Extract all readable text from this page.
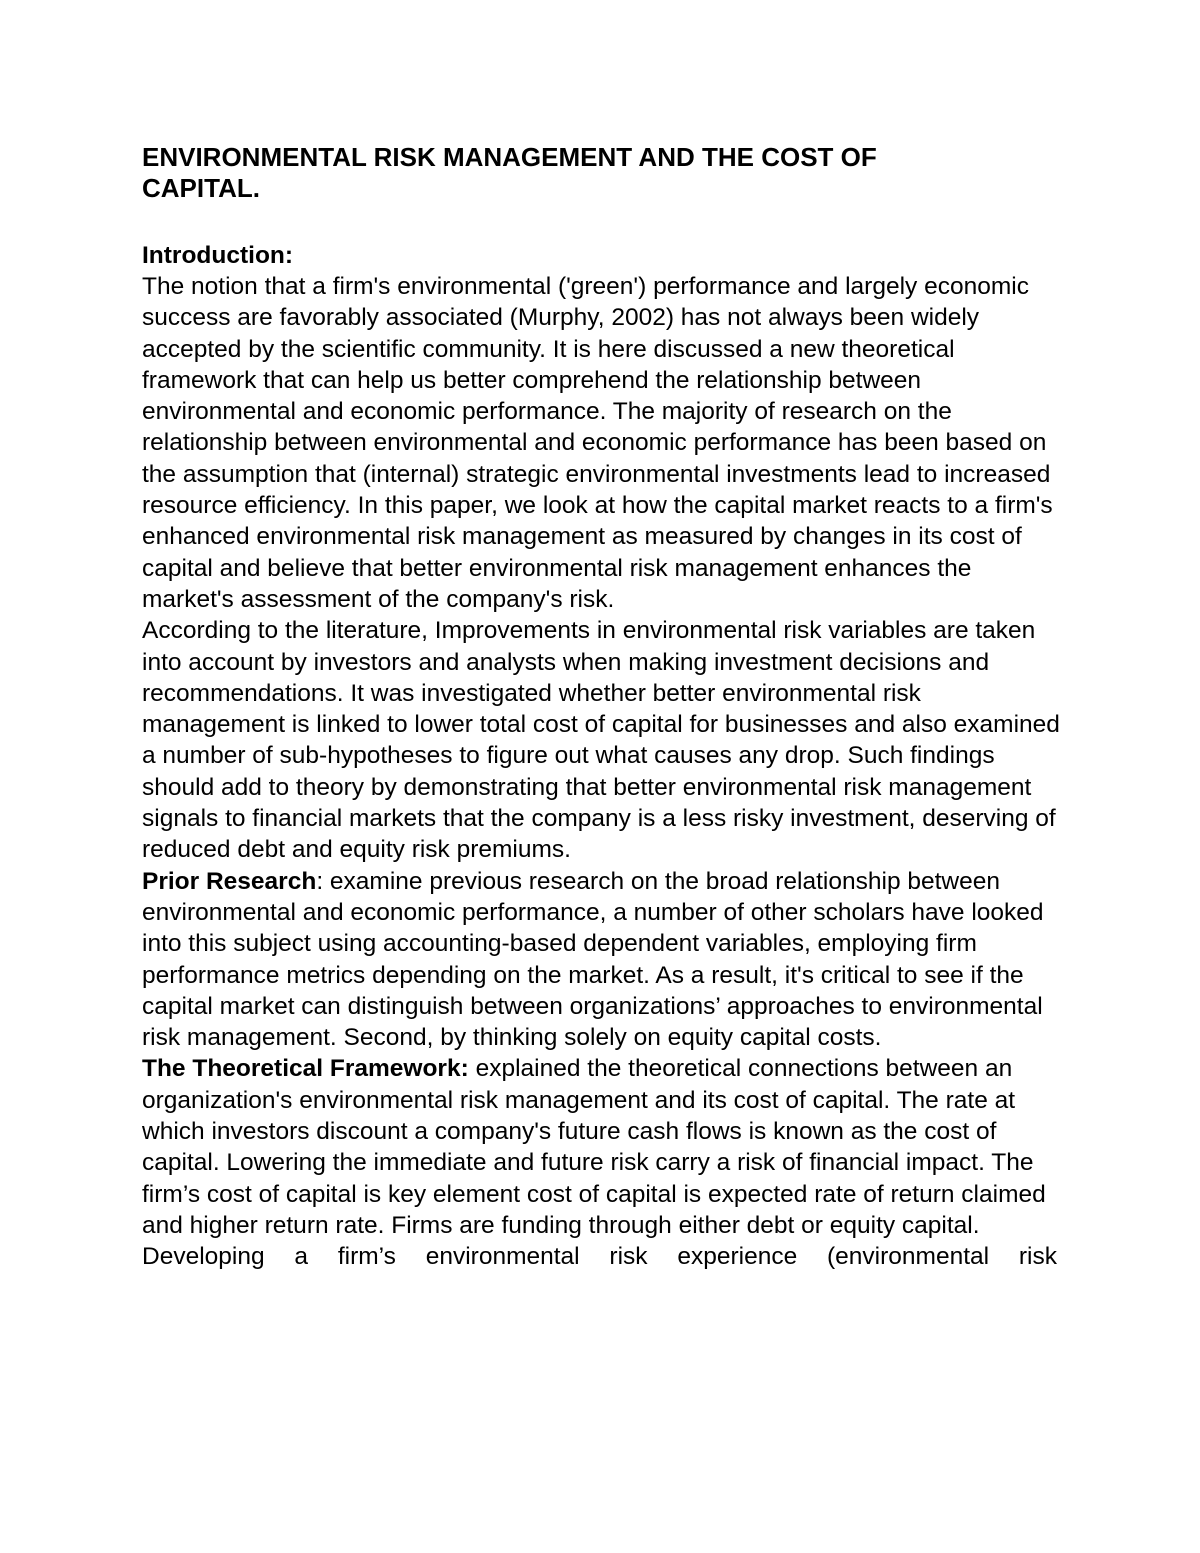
ENVIRONMENTAL RISK MANAGEMENT AND THE COST OF CAPITAL.
Introduction:

The notion that a firm's environmental ('green') performance and largely economic success are favorably associated (Murphy, 2002) has not always been widely accepted by the scientific community. It is here discussed a new theoretical framework that can help us better comprehend the relationship between environmental and economic performance. The majority of research on the relationship between environmental and economic performance has been based on the assumption that (internal) strategic environmental investments lead to increased resource efficiency. In this paper, we look at how the capital market reacts to a firm's enhanced environmental risk management as measured by changes in its cost of capital and believe that better environmental risk management enhances the market's assessment of the company's risk.

According to the literature, Improvements in environmental risk variables are taken into account by investors and analysts when making investment decisions and recommendations. It was investigated whether better environmental risk management is linked to lower total cost of capital for businesses and also examined a number of sub-hypotheses to figure out what causes any drop. Such findings should add to theory by demonstrating that better environmental risk management signals to financial markets that the company is a less risky investment, deserving of reduced debt and equity risk premiums.

Prior Research: examine previous research on the broad relationship between environmental and economic performance, a number of other scholars have looked into this subject using accounting-based dependent variables, employing firm performance metrics depending on the market. As a result, it's critical to see if the capital market can distinguish between organizations’ approaches to environmental risk management. Second, by thinking solely on equity capital costs.

The Theoretical Framework: explained the theoretical connections between an organization's environmental risk management and its cost of capital. The rate at which investors discount a company's future cash flows is known as the cost of capital. Lowering the immediate and future risk carry a risk of financial impact. The firm’s cost of capital is key element cost of capital is expected rate of return claimed and higher return rate. Firms are funding through either debt or equity capital.

Developing a firm’s environmental risk experience (environmental risk
